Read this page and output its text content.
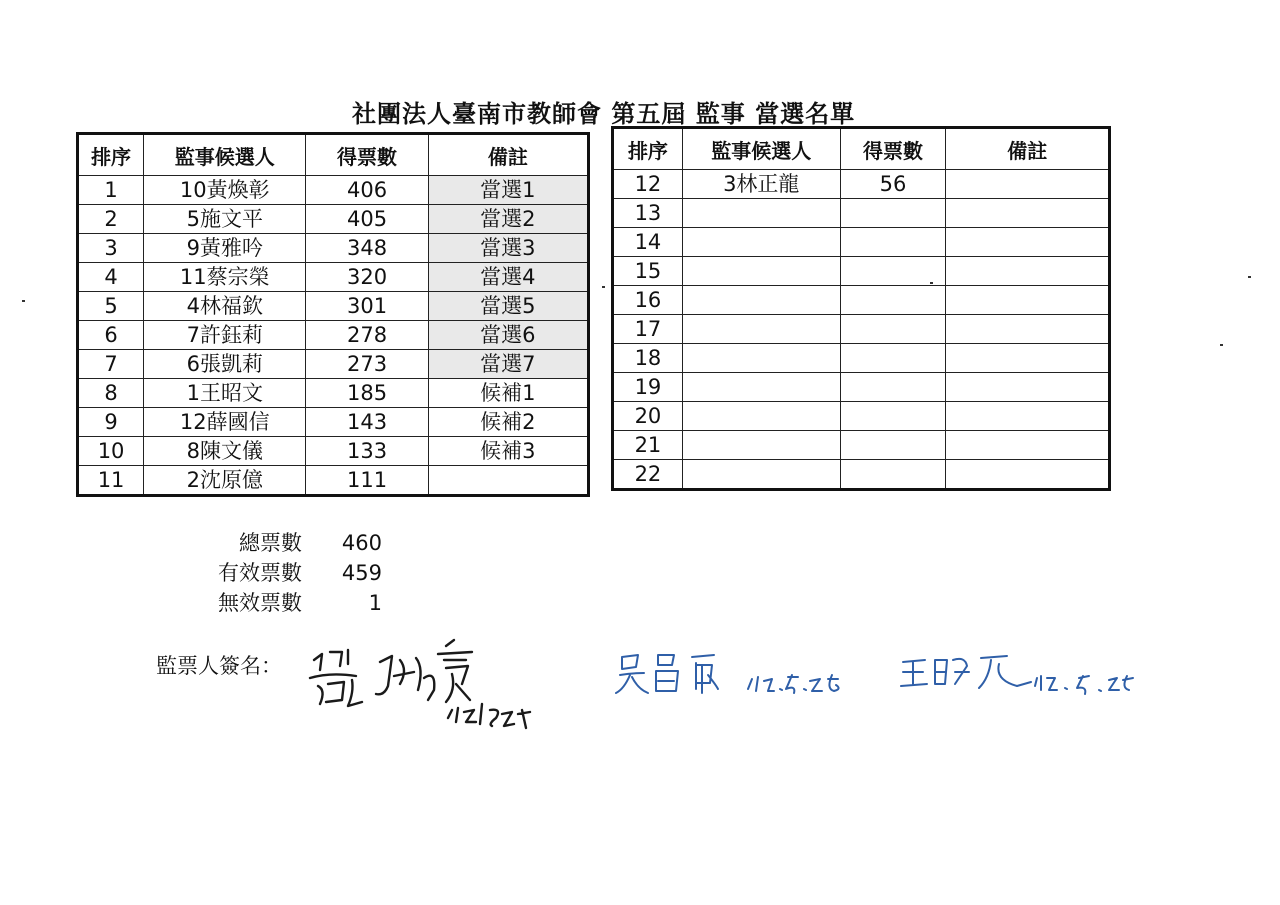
社團法人臺南市教師會 第五屆 監事 當選名單
排序	監事候選人	得票數	備註
1	10黃煥彰	406	當選1
2	5施文平	405	當選2
3	9黃雅吟	348	當選3
4	11蔡宗榮	320	當選4
5	4林福欽	301	當選5
6	7許鈺莉	278	當選6
7	6張凱莉	273	當選7
8	1王昭文	185	候補1
9	12薛國信	143	候補2
10	8陳文儀	133	候補3
11	2沈原億	111	
排序	監事候選人	得票數	備註
12	3林正龍	56	
13			
14			
15			
16			
17			
18			
19			
20			
21			
22			
總票數	460
有效票數	459
無效票數	1
監票人簽名：
羅裕芳
吳昌甫
王昭文
